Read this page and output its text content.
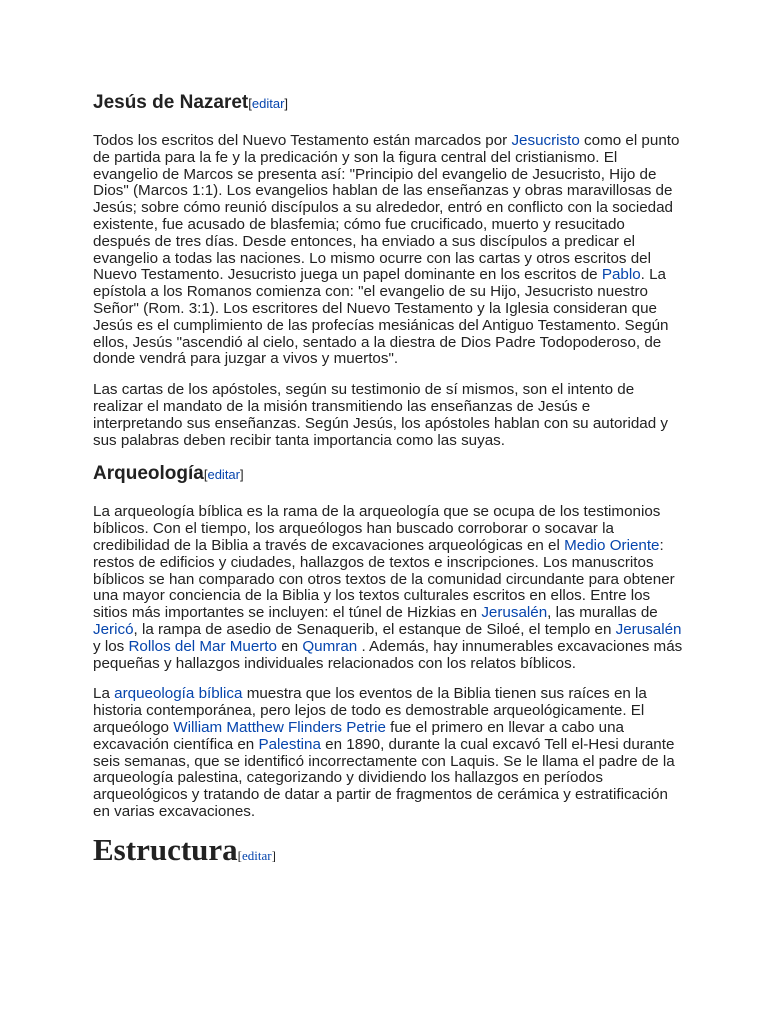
Jesús de Nazaret[editar]

Todos los escritos del Nuevo Testamento están marcados por Jesucristo como el punto de partida para la fe y la predicación y son la figura central del cristianismo. El evangelio de Marcos se presenta así: "Principio del evangelio de Jesucristo, Hijo de Dios" (Marcos 1:1). Los evangelios hablan de las enseñanzas y obras maravillosas de Jesús; sobre cómo reunió discípulos a su alrededor, entró en conflicto con la sociedad existente, fue acusado de blasfemia; cómo fue crucificado, muerto y resucitado después de tres días. Desde entonces, ha enviado a sus discípulos a predicar el evangelio a todas las naciones. Lo mismo ocurre con las cartas y otros escritos del Nuevo Testamento. Jesucristo juega un papel dominante en los escritos de Pablo. La epístola a los Romanos comienza con: "el evangelio de su Hijo, Jesucristo nuestro Señor" (Rom. 3:1). Los escritores del Nuevo Testamento y la Iglesia consideran que Jesús es el cumplimiento de las profecías mesiánicas del Antiguo Testamento. Según ellos, Jesús "ascendió al cielo, sentado a la diestra de Dios Padre Todopoderoso, de donde vendrá para juzgar a vivos y muertos".

Las cartas de los apóstoles, según su testimonio de sí mismos, son el intento de realizar el mandato de la misión transmitiendo las enseñanzas de Jesús e interpretando sus enseñanzas. Según Jesús, los apóstoles hablan con su autoridad y sus palabras deben recibir tanta importancia como las suyas.

Arqueología[editar]

La arqueología bíblica es la rama de la arqueología que se ocupa de los testimonios bíblicos. Con el tiempo, los arqueólogos han buscado corroborar o socavar la credibilidad de la Biblia a través de excavaciones arqueológicas en el Medio Oriente: restos de edificios y ciudades, hallazgos de textos e inscripciones. Los manuscritos bíblicos se han comparado con otros textos de la comunidad circundante para obtener una mayor conciencia de la Biblia y los textos culturales escritos en ellos. Entre los sitios más importantes se incluyen: el túnel de Hizkias en Jerusalén, las murallas de Jericó, la rampa de asedio de Senaquerib, el estanque de Siloé, el templo en Jerusalén y los Rollos del Mar Muerto en Qumran . Además, hay innumerables excavaciones más pequeñas y hallazgos individuales relacionados con los relatos bíblicos.

La arqueología bíblica muestra que los eventos de la Biblia tienen sus raíces en la historia contemporánea, pero lejos de todo es demostrable arqueológicamente. El arqueólogo William Matthew Flinders Petrie fue el primero en llevar a cabo una excavación científica en Palestina en 1890, durante la cual excavó Tell el-Hesi durante seis semanas, que se identificó incorrectamente con Laquis. Se le llama el padre de la arqueología palestina, categorizando y dividiendo los hallazgos en períodos arqueológicos y tratando de datar a partir de fragmentos de cerámica y estratificación en varias excavaciones.

Estructura[editar]
